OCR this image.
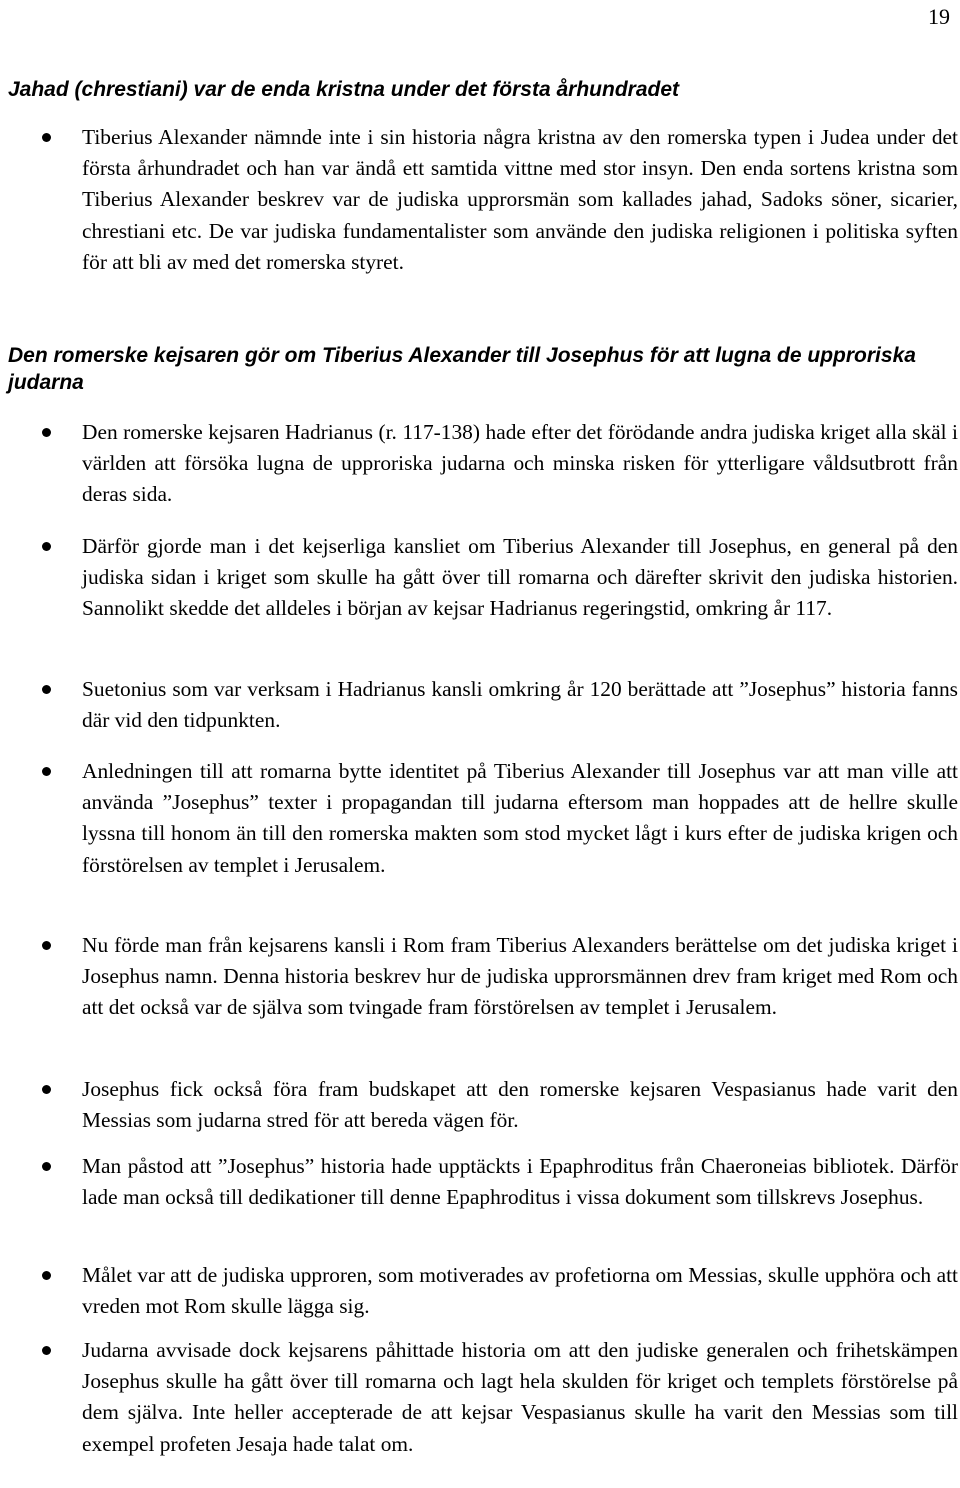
19
Jahad (chrestiani) var de enda kristna under det första århundradet

Tiberius Alexander nämnde inte i sin historia några kristna av den romerska typen i Judea under det första århundradet och han var ändå ett samtida vittne med stor insyn. Den enda sortens kristna som Tiberius Alexander beskrev var de judiska upprorsmän som kallades jahad, Sadoks söner, sicarier, chrestiani etc. De var judiska fundamentalister som använde den judiska religionen i politiska syften för att bli av med det romerska styret.

Den romerske kejsaren gör om Tiberius Alexander till Josephus för att lugna de upproriska judarna

Den romerske kejsaren Hadrianus (r. 117-138) hade efter det förödande andra judiska kriget alla skäl i världen att försöka lugna de upproriska judarna och minska risken för ytterligare våldsutbrott från deras sida.

Därför gjorde man i det kejserliga kansliet om Tiberius Alexander till Josephus, en general på den judiska sidan i kriget som skulle ha gått över till romarna och därefter skrivit den judiska historien. Sannolikt skedde det alldeles i början av kejsar Hadrianus regeringstid, omkring år 117.

Suetonius som var verksam i Hadrianus kansli omkring år 120 berättade att ”Josephus” historia fanns där vid den tidpunkten.

Anledningen till att romarna bytte identitet på Tiberius Alexander till Josephus var att man ville att använda ”Josephus” texter i propagandan till judarna eftersom man hoppades att de hellre skulle lyssna till honom än till den romerska makten som stod mycket lågt i kurs efter de judiska krigen och förstörelsen av templet i Jerusalem.

Nu förde man från kejsarens kansli i Rom fram Tiberius Alexanders berättelse om det judiska kriget i Josephus namn. Denna historia beskrev hur de judiska upprorsmännen drev fram kriget med Rom och att det också var de själva som tvingade fram förstörelsen av templet i Jerusalem.

Josephus fick också föra fram budskapet att den romerske kejsaren Vespasianus hade varit den Messias som judarna stred för att bereda vägen för.

Man påstod att ”Josephus” historia hade upptäckts i Epaphroditus från Chaeroneias bibliotek. Därför lade man också till dedikationer till denne Epaphroditus i vissa dokument som tillskrevs Josephus.

Målet var att de judiska upproren, som motiverades av profetiorna om Messias, skulle upphöra och att vreden mot Rom skulle lägga sig.

Judarna avvisade dock kejsarens påhittade historia om att den judiske generalen och frihetskämpen Josephus skulle ha gått över till romarna och lagt hela skulden för kriget och templets förstörelse på dem själva. Inte heller accepterade de att kejsar Vespasianus skulle ha varit den Messias som till exempel profeten Jesaja hade talat om.
